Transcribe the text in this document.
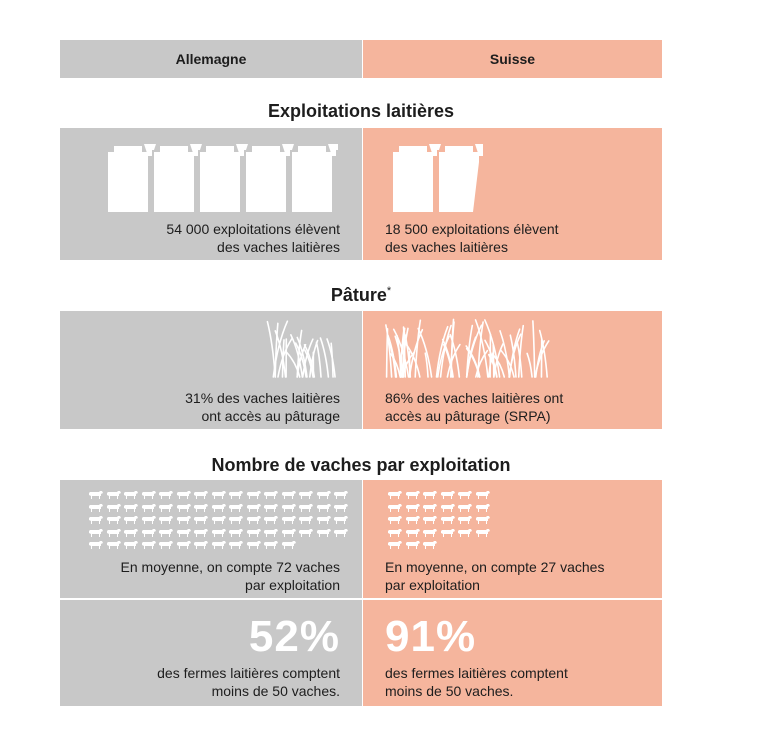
Allemagne	Suisse
Exploitations laitières
54 000 exploitations élèvent
des vaches laitières
18 500 exploitations élèvent
des vaches laitières
Pâture*
31% des vaches laitières
ont accès au pâturage
86% des vaches laitières ont
accès au pâturage (SRPA)
Nombre de vaches par exploitation
En moyenne, on compte 72 vaches
par exploitation
En moyenne, on compte 27 vaches
par exploitation
52%
des fermes laitières comptent
moins de 50 vaches.
91%
des fermes laitières comptent
moins de 50 vaches.
